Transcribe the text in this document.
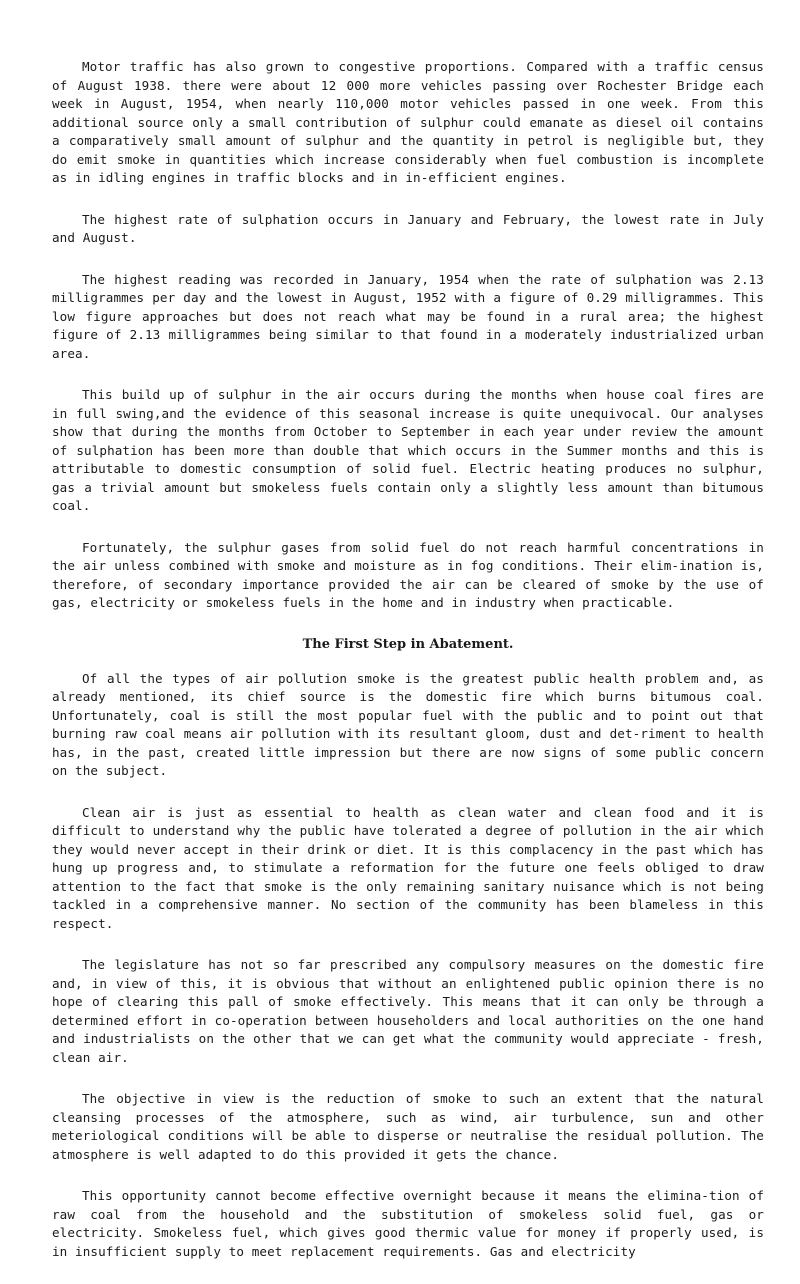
Motor traffic has also grown to congestive proportions. Compared with a traffic census of August 1938. there were about 12 000 more vehicles passing over Rochester Bridge each week in August, 1954, when nearly 110,000 motor vehicles passed in one week. From this additional source only a small contribution of sulphur could emanate as diesel oil contains a comparatively small amount of sulphur and the quantity in petrol is negligible but, they do emit smoke in quantities which increase considerably when fuel combustion is incomplete as in idling engines in traffic blocks and in in-efficient engines.

The highest rate of sulphation occurs in January and February, the lowest rate in July and August.

The highest reading was recorded in January, 1954 when the rate of sulphation was 2.13 milligrammes per day and the lowest in August, 1952 with a figure of 0.29 milligrammes. This low figure approaches but does not reach what may be found in a rural area; the highest figure of 2.13 milligrammes being similar to that found in a moderately industrialized urban area.

This build up of sulphur in the air occurs during the months when house coal fires are in full swing,and the evidence of this seasonal increase is quite unequivocal. Our analyses show that during the months from October to September in each year under review the amount of sulphation has been more than double that which occurs in the Summer months and this is attributable to domestic consumption of solid fuel. Electric heating produces no sulphur, gas a trivial amount but smokeless fuels contain only a slightly less amount than bitumous coal.

Fortunately, the sulphur gases from solid fuel do not reach harmful concentrations in the air unless combined with smoke and moisture as in fog conditions. Their elim-ination is, therefore, of secondary importance provided the air can be cleared of smoke by the use of gas, electricity or smokeless fuels in the home and in industry when practicable.

The First Step in Abatement.

Of all the types of air pollution smoke is the greatest public health problem and, as already mentioned, its chief source is the domestic fire which burns bitumous coal. Unfortunately, coal is still the most popular fuel with the public and to point out that burning raw coal means air pollution with its resultant gloom, dust and det-riment to health has, in the past, created little impression but there are now signs of some public concern on the subject.

Clean air is just as essential to health as clean water and clean food and it is difficult to understand why the public have tolerated a degree of pollution in the air which they would never accept in their drink or diet. It is this complacency in the past which has hung up progress and, to stimulate a reformation for the future one feels obliged to draw attention to the fact that smoke is the only remaining sanitary nuisance which is not being tackled in a comprehensive manner. No section of the community has been blameless in this respect.

The legislature has not so far prescribed any compulsory measures on the domestic fire and, in view of this, it is obvious that without an enlightened public opinion there is no hope of clearing this pall of smoke effectively. This means that it can only be through a determined effort in co-operation between householders and local authorities on the one hand and industrialists on the other that we can get what the community would appreciate - fresh, clean air.

The objective in view is the reduction of smoke to such an extent that the natural cleansing processes of the atmosphere, such as wind, air turbulence, sun and other meteriological conditions will be able to disperse or neutralise the residual pollution. The atmosphere is well adapted to do this provided it gets the chance.

This opportunity cannot become effective overnight because it means the elimina-tion of raw coal from the household and the substitution of smokeless solid fuel, gas or electricity. Smokeless fuel, which gives good thermic value for money if properly used, is in insufficient supply to meet replacement requirements. Gas and electricity
